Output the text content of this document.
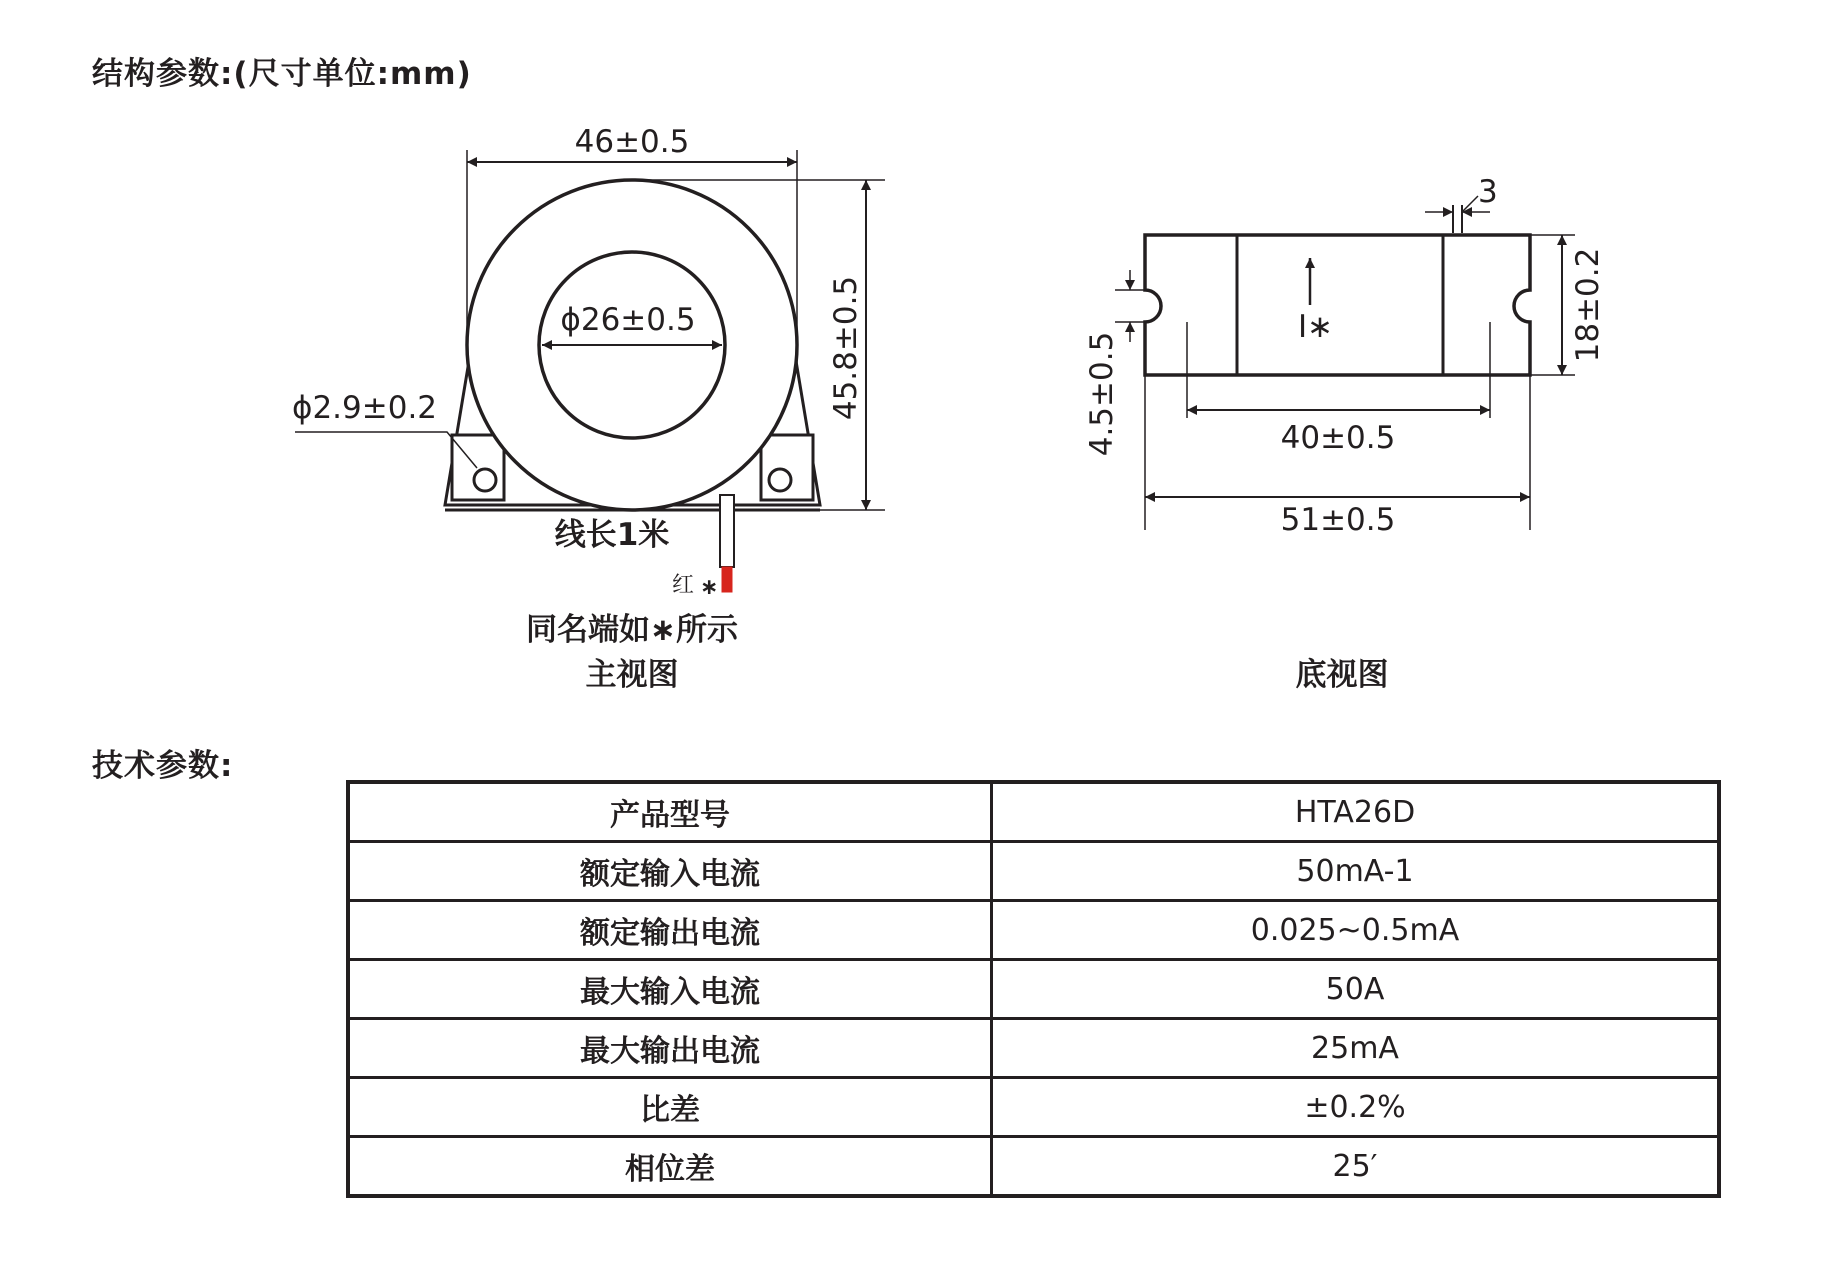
结构参数:(尺寸单位:mm)
46±0.5
ϕ26±0.5	45.8±0.5
ϕ2.9±0.2
线长1米
红 ∗
同名端如∗所示
主视图
I∗
3
18±0.2
4.5±0.5	40±0.5
51±0.5
底视图
技术参数:
产品型号	HTA26D
额定输入电流	50mA-1
额定输出电流	0.025~0.5mA
最大输入电流	50A
最大输出电流	25mA
比差	±0.2%
相位差	25′
